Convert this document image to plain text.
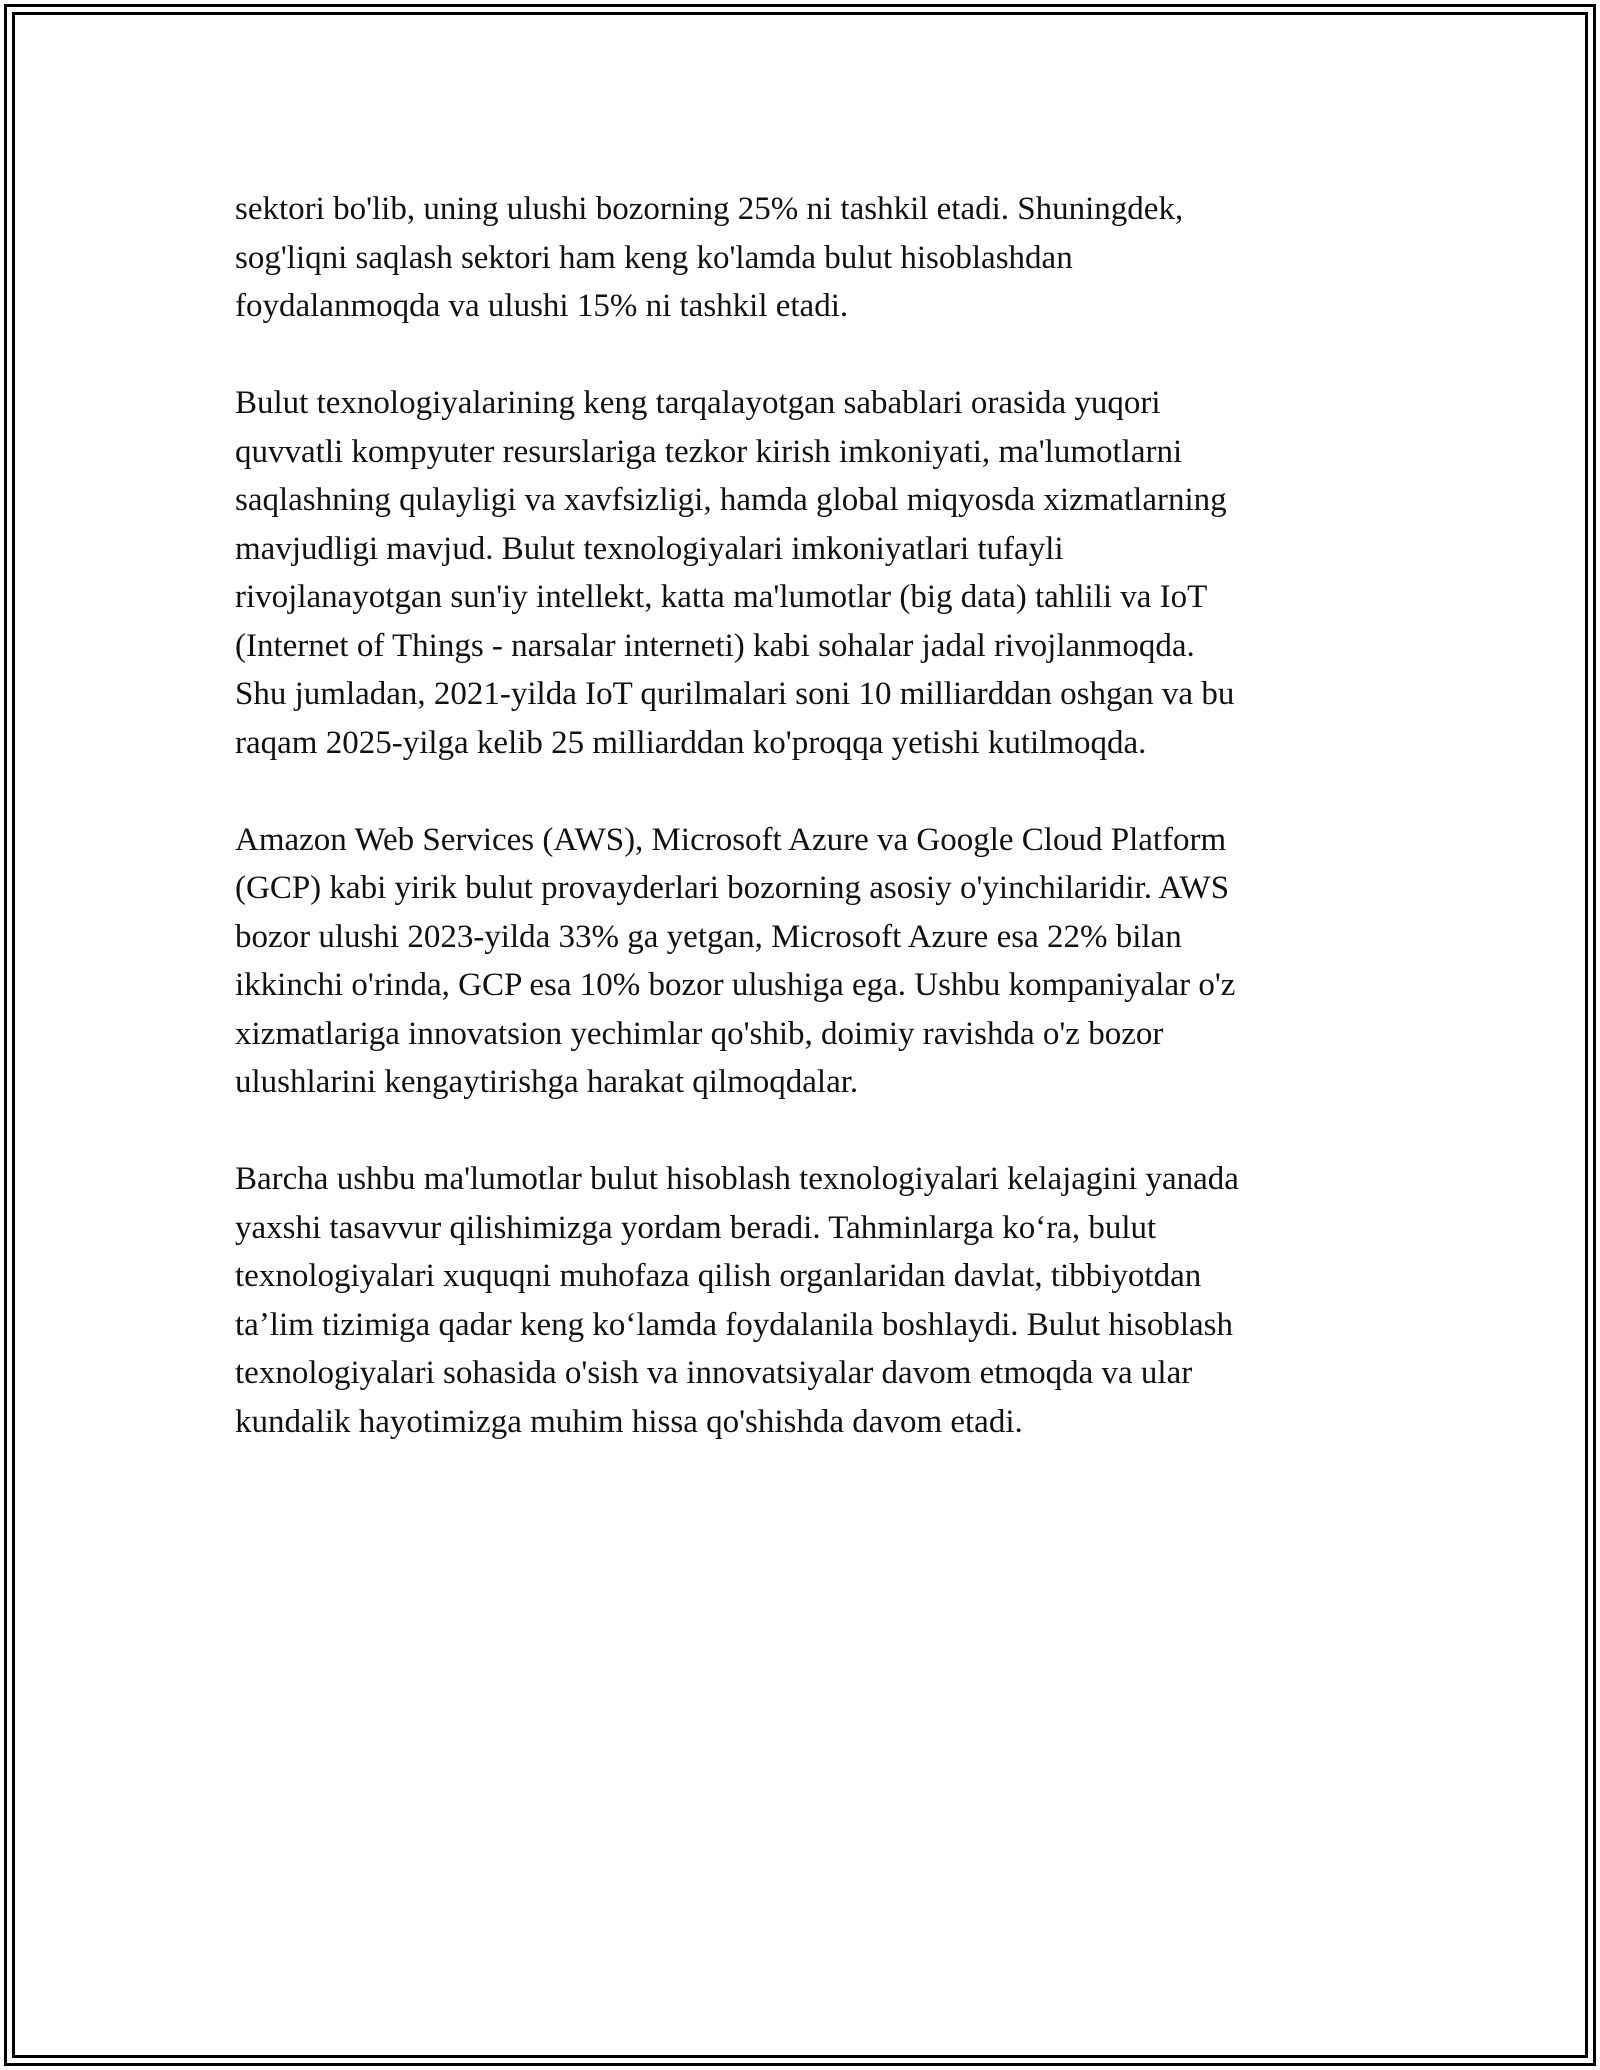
sektori bo'lib, uning ulushi bozorning 25% ni tashkil etadi. Shuningdek,
sog'liqni saqlash sektori ham keng ko'lamda bulut hisoblashdan
foydalanmoqda va ulushi 15% ni tashkil etadi.

Bulut texnologiyalarining keng tarqalayotgan sabablari orasida yuqori
quvvatli kompyuter resurslariga tezkor kirish imkoniyati, ma'lumotlarni
saqlashning qulayligi va xavfsizligi, hamda global miqyosda xizmatlarning
mavjudligi mavjud. Bulut texnologiyalari imkoniyatlari tufayli
rivojlanayotgan sun'iy intellekt, katta ma'lumotlar (big data) tahlili va IoT
(Internet of Things - narsalar interneti) kabi sohalar jadal rivojlanmoqda.
Shu jumladan, 2021-yilda IoT qurilmalari soni 10 milliarddan oshgan va bu
raqam 2025-yilga kelib 25 milliarddan ko'proqqa yetishi kutilmoqda.

Amazon Web Services (AWS), Microsoft Azure va Google Cloud Platform
(GCP) kabi yirik bulut provayderlari bozorning asosiy o'yinchilaridir. AWS
bozor ulushi 2023-yilda 33% ga yetgan, Microsoft Azure esa 22% bilan
ikkinchi o'rinda, GCP esa 10% bozor ulushiga ega. Ushbu kompaniyalar o'z
xizmatlariga innovatsion yechimlar qo'shib, doimiy ravishda o'z bozor
ulushlarini kengaytirishga harakat qilmoqdalar.

Barcha ushbu ma'lumotlar bulut hisoblash texnologiyalari kelajagini yanada
yaxshi tasavvur qilishimizga yordam beradi. Tahminlarga koʻra, bulut
texnologiyalari xuquqni muhofaza qilish organlaridan davlat, tibbiyotdan
taʼlim tizimiga qadar keng koʻlamda foydalanila boshlaydi. Bulut hisoblash
texnologiyalari sohasida o'sish va innovatsiyalar davom etmoqda va ular
kundalik hayotimizga muhim hissa qo'shishda davom etadi.
